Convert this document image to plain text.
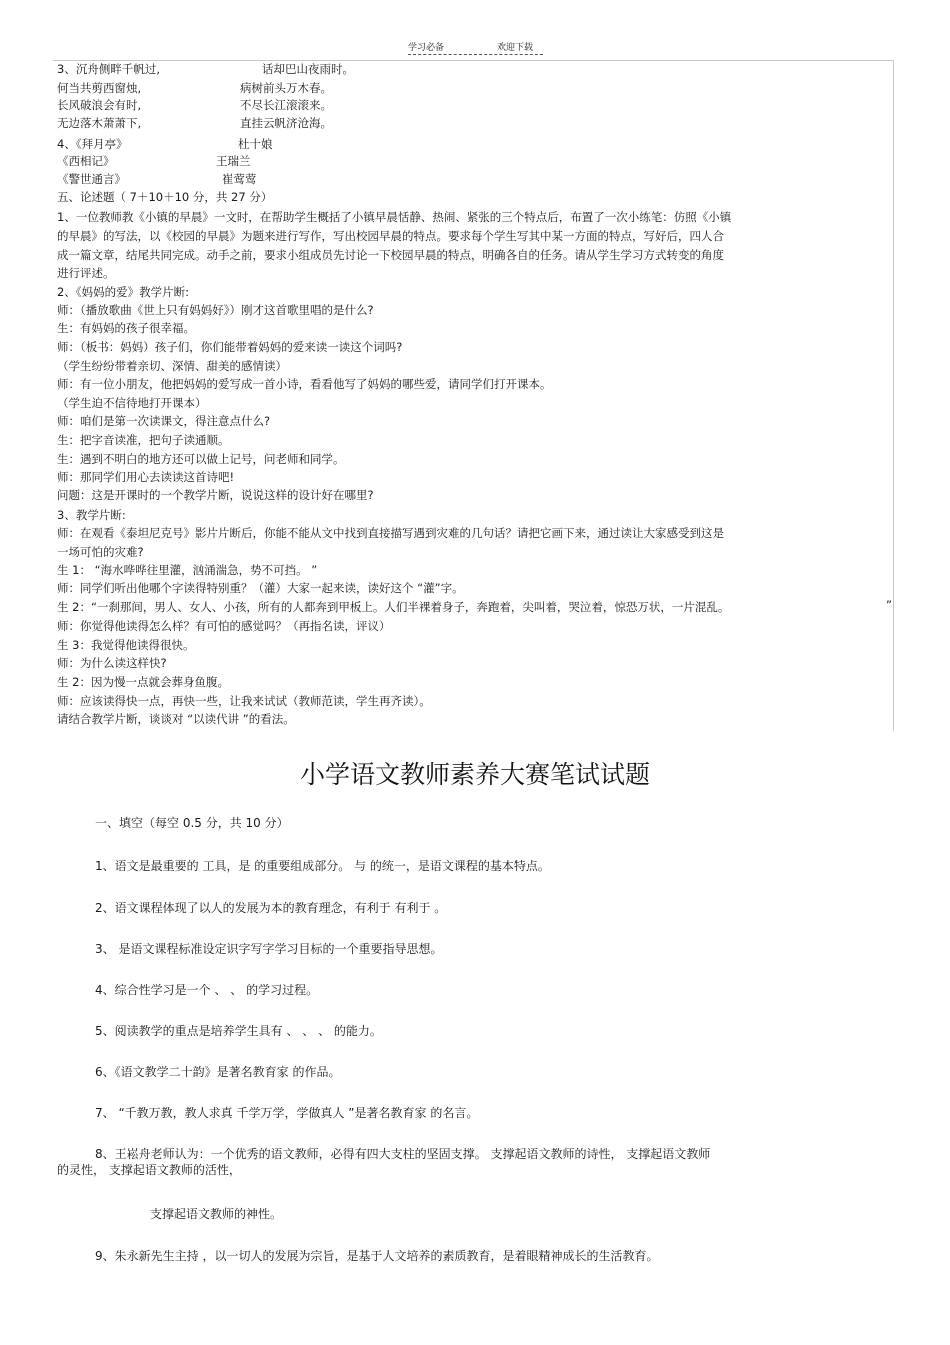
学习必备	欢迎下载
3、沉舟侧畔千帆过,	话却巴山夜雨时。
何当共剪西窗烛,	病树前头万木春。
长风破浪会有时,	不尽长江滚滚来。
无边落木萧萧下,	直挂云帆济沧海。
4、《拜月亭》	杜十娘
《西相记》	王瑞兰
《警世通言》	崔莺莺
五、论述题（ 7＋10＋10 分，共 27 分）
1、一位教师教《小镇的早晨》一文时，在帮助学生概括了小镇早晨恬静、热闹、紧张的三个特点后，布置了一次小练笔：仿照《小镇
的早晨》的写法，以《校园的早晨》为题来进行写作，写出校园早晨的特点。要求每个学生写其中某一方面的特点，写好后，四人合
成一篇文章，结尾共同完成。动手之前，要求小组成员先讨论一下校园早晨的特点，明确各自的任务。请从学生学习方式转变的角度
进行评述。
2、《妈妈的爱》教学片断:
师：（播放歌曲《世上只有妈妈好》）刚才这首歌里唱的是什么?
生：有妈妈的孩子很幸福。
师：（板书：妈妈）孩子们，你们能带着妈妈的爱来读一读这个词吗?
（学生纷纷带着亲切、深情、甜美的感情读）
师：有一位小朋友，他把妈妈的爱写成一首小诗，看看他写了妈妈的哪些爱，请同学们打开课本。
（学生迫不信待地打开课本）
师：咱们是第一次读课文，得注意点什么?
生：把字音读准，把句子读通顺。
生：遇到不明白的地方还可以做上记号，问老师和同学。
师：那同学们用心去读读这首诗吧!
问题：这是开课时的一个教学片断，说说这样的设计好在哪里?
3、教学片断:
师：在观看《泰坦尼克号》影片片断后，你能不能从文中找到直接描写遇到灾难的几句话？请把它画下来，通过读让大家感受到这是
一场可怕的灾难?
生 1： “海水哗哗往里灌，汹涌湍急，势不可挡。 ”
师：同学们听出他哪个字读得特别重？（灌）大家一起来读，读好这个 “灌”字。
生 2：“一刹那间，男人、女人、小孩，所有的人都奔到甲板上。人们半裸着身子，奔跑着，尖叫着，哭泣着，惊恐万状，一片混乱。	”
师：你觉得他读得怎么样？有可怕的感觉吗？（再指名读，评议）
生 3：我觉得他读得很快。
师：为什么读这样快?
生 2：因为慢一点就会葬身鱼腹。
师：应该读得快一点，再快一些，让我来试试（教师范读，学生再齐读）。
请结合教学片断，谈谈对 “以读代讲 ”的看法。
小学语文教师素养大赛笔试试题
一、填空（每空 0.5 分，共 10 分）
1、语文是最重要的 工具，是 的重要组成部分。 与 的统一，是语文课程的基本特点。
2、语文课程体现了以人的发展为本的教育理念，有利于 有利于 。
3、 是语文课程标准设定识字写字学习目标的一个重要指导思想。
4、综合性学习是一个 、 、 的学习过程。
5、阅读教学的重点是培养学生具有 、 、 、 的能力。
6、《语文教学二十韵》是著名教育家 的作品。
7、 “千教万教，教人求真 千学万学，学做真人 ”是著名教育家 的名言。
8、王崧舟老师认为：一个优秀的语文教师，必得有四大支柱的坚固支撑。 支撑起语文教师的诗性， 支撑起语文教师
的灵性， 支撑起语文教师的活性，
支撑起语文教师的神性。
9、朱永新先生主持 ，以一切人的发展为宗旨，是基于人文培养的素质教育，是着眼精神成长的生活教育。
